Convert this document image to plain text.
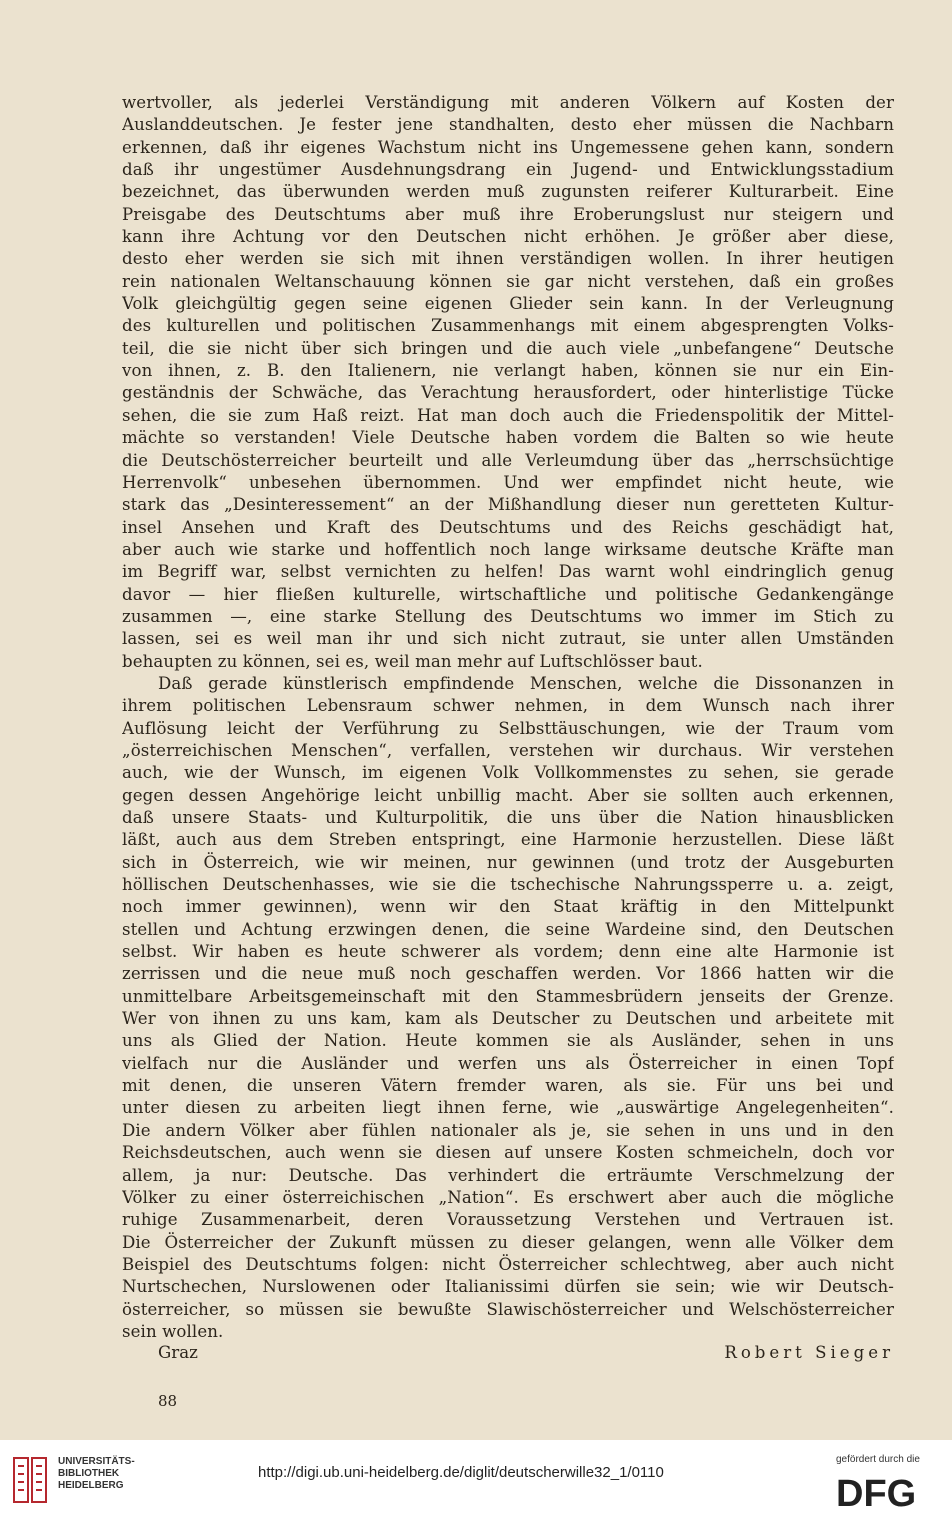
wertvoller, als jederlei Verständigung mit anderen Völkern auf Kosten der
Auslanddeutschen. Je fester jene standhalten, desto eher müssen die Nachbarn
erkennen, daß ihr eigenes Wachstum nicht ins Ungemessene gehen kann, sondern
daß ihr ungestümer Ausdehnungsdrang ein Jugend- und Entwicklungsstadium
bezeichnet, das überwunden werden muß zugunsten reiferer Kulturarbeit. Eine
Preisgabe des Deutschtums aber muß ihre Eroberungslust nur steigern und
kann ihre Achtung vor den Deutschen nicht erhöhen. Je größer aber diese,
desto eher werden sie sich mit ihnen verständigen wollen. In ihrer heutigen
rein nationalen Weltanschauung können sie gar nicht verstehen, daß ein großes
Volk gleichgültig gegen seine eigenen Glieder sein kann. In der Verleugnung
des kulturellen und politischen Zusammenhangs mit einem abgesprengten Volks-
teil, die sie nicht über sich bringen und die auch viele „unbefangene“ Deutsche
von ihnen, z. B. den Italienern, nie verlangt haben, können sie nur ein Ein-
geständnis der Schwäche, das Verachtung herausfordert, oder hinterlistige Tücke
sehen, die sie zum Haß reizt. Hat man doch auch die Friedenspolitik der Mittel-
mächte so verstanden! Viele Deutsche haben vordem die Balten so wie heute
die Deutschösterreicher beurteilt und alle Verleumdung über das „herrschsüchtige
Herrenvolk“ unbesehen übernommen. Und wer empfindet nicht heute, wie
stark das „Desinteressement“ an der Mißhandlung dieser nun geretteten Kultur-
insel Ansehen und Kraft des Deutschtums und des Reichs geschädigt hat,
aber auch wie starke und hoffentlich noch lange wirksame deutsche Kräfte man
im Begriff war, selbst vernichten zu helfen! Das warnt wohl eindringlich genug
davor — hier fließen kulturelle, wirtschaftliche und politische Gedankengänge
zusammen —, eine starke Stellung des Deutschtums wo immer im Stich zu
lassen, sei es weil man ihr und sich nicht zutraut, sie unter allen Umständen
behaupten zu können, sei es, weil man mehr auf Luftschlösser baut.
Daß gerade künstlerisch empfindende Menschen, welche die Dissonanzen in
ihrem politischen Lebensraum schwer nehmen, in dem Wunsch nach ihrer
Auflösung leicht der Verführung zu Selbsttäuschungen, wie der Traum vom
„österreichischen Menschen“, verfallen, verstehen wir durchaus. Wir verstehen
auch, wie der Wunsch, im eigenen Volk Vollkommenstes zu sehen, sie gerade
gegen dessen Angehörige leicht unbillig macht. Aber sie sollten auch erkennen,
daß unsere Staats- und Kulturpolitik, die uns über die Nation hinausblicken
läßt, auch aus dem Streben entspringt, eine Harmonie herzustellen. Diese läßt
sich in Österreich, wie wir meinen, nur gewinnen (und trotz der Ausgeburten
höllischen Deutschenhasses, wie sie die tschechische Nahrungssperre u. a. zeigt,
noch immer gewinnen), wenn wir den Staat kräftig in den Mittelpunkt
stellen und Achtung erzwingen denen, die seine Wardeine sind, den Deutschen
selbst. Wir haben es heute schwerer als vordem; denn eine alte Harmonie ist
zerrissen und die neue muß noch geschaffen werden. Vor 1866 hatten wir die
unmittelbare Arbeitsgemeinschaft mit den Stammesbrüdern jenseits der Grenze.
Wer von ihnen zu uns kam, kam als Deutscher zu Deutschen und arbeitete mit
uns als Glied der Nation. Heute kommen sie als Ausländer, sehen in uns
vielfach nur die Ausländer und werfen uns als Österreicher in einen Topf
mit denen, die unseren Vätern fremder waren, als sie. Für uns bei und
unter diesen zu arbeiten liegt ihnen ferne, wie „auswärtige Angelegenheiten“.
Die andern Völker aber fühlen nationaler als je, sie sehen in uns und in den
Reichsdeutschen, auch wenn sie diesen auf unsere Kosten schmeicheln, doch vor
allem, ja nur: Deutsche. Das verhindert die erträumte Verschmelzung der
Völker zu einer österreichischen „Nation“. Es erschwert aber auch die mögliche
ruhige Zusammenarbeit, deren Voraussetzung Verstehen und Vertrauen ist.
Die Österreicher der Zukunft müssen zu dieser gelangen, wenn alle Völker dem
Beispiel des Deutschtums folgen: nicht Österreicher schlechtweg, aber auch nicht
Nurtschechen, Nurslowenen oder Italianissimi dürfen sie sein; wie wir Deutsch-
österreicher, so müssen sie bewußte Slawischösterreicher und Welschösterreicher
sein wollen.
Graz	Robert Sieger
88
UNIVERSITÄTS-
BIBLIOTHEK
HEIDELBERG
http://digi.ub.uni-heidelberg.de/diglit/deutscherwille32_1/0110
gefördert durch die
DFG
